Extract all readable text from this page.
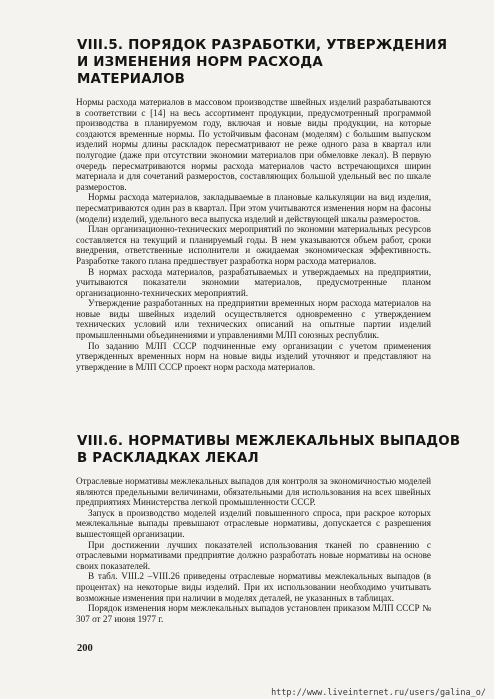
VIII.5. ПОРЯДОК РАЗРАБОТКИ, УТВЕРЖДЕНИЯ
И ИЗМЕНЕНИЯ НОРМ РАСХОДА
МАТЕРИАЛОВ

Нормы расхода материалов в массовом производстве швейных изделий разрабатываются в соответствии с [14] на весь ассортимент продукции, предусмотренный программой производства в планируемом году, включая и новые виды продукции, на которые создаются временные нормы. По устойчивым фасонам (моделям) с большим выпуском изделий нормы длины раскладок пересматривают не реже одного раза в квартал или полугодие (даже при отсутствии экономии материалов при обмеловке лекал). В первую очередь пересматриваются нормы расхода материалов часто встречающихся ширин материала и для сочетаний размеростов, составляющих большой удельный вес по шкале размеростов.

Нормы расхода материалов, закладываемые в плановые калькуляции на вид изделия, пересматриваются один раз в квартал. При этом учитываются изменения норм на фасоны (модели) изделий, удельного веса выпуска изделий и действующей шкалы размеростов.

План организационно-технических мероприятий по экономии материальных ресурсов составляется на текущий и планируемый годы. В нем указываются объем работ, сроки внедрения, ответственные исполнители и ожидаемая экономическая эффективность. Разработке такого плана предшествует разработка норм расхода материалов.

В нормах расхода материалов, разрабатываемых и утверждаемых на предприятии, учитываются показатели экономии материалов, предусмотренные планом организационно-технических мероприятий.

Утверждение разработанных на предприятии временных норм расхода материалов на новые виды швейных изделий осуществляется одновременно с утверждением технических условий или технических описаний на опытные партии изделий промышленными объединениями и управлениями МЛП союзных республик.

По заданию МЛП СССР подчиненные ему организации с учетом применения утвержденных временных норм на новые виды изделий уточняют и представляют на утверждение в МЛП СССР проект норм расхода материалов.

VIII.6. НОРМАТИВЫ МЕЖЛЕКАЛЬНЫХ ВЫПАДОВ
В РАСКЛАДКАХ ЛЕКАЛ

Отраслевые нормативы межлекальных выпадов для контроля за экономичностью моделей являются предельными величинами, обязательными для использования на всех швейных предприятиях Министерства легкой промышленности СССР.

Запуск в производство моделей изделий повышенного спроса, при раскрое которых межлекальные выпады превышают отраслевые нормативы, допускается с разрешения вышестоящей организации.

При достижении лучших показателей использования тканей по сравнению с отраслевыми нормативами предприятие должно разработать новые нормативы на основе своих показателей.

В табл. VIII.2 –VIII.26 приведены отраслевые нормативы межлекальных выпадов (в процентах) на некоторые виды изделий. При их использовании необходимо учитывать возможные изменения при наличии в моделях деталей, не указанных в таблицах.

Порядок изменения норм межлекальных выпадов установлен приказом МЛП СССР № 307 от 27 июня 1977 г.

200

http://www.liveinternet.ru/users/galina_o/
